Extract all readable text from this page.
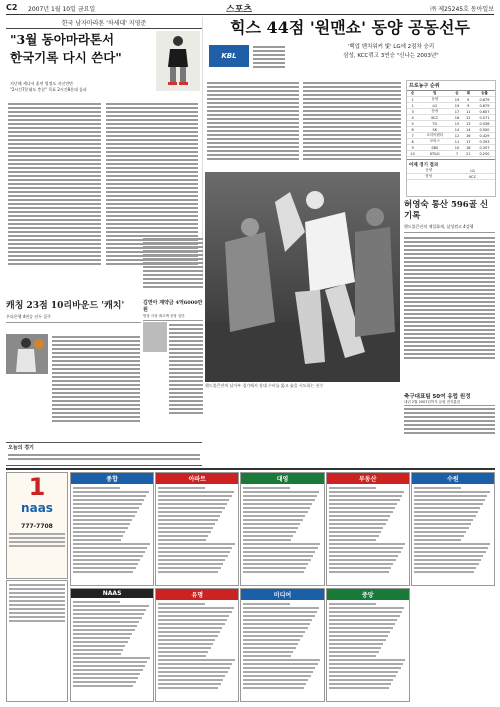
C2 2007년 1월 10일 금요일	스포츠	㈜ 제25245호 동아일보
한국 남자마라톤 '차세대' 지영준
"3월 동아마라톤서
한국기록 다시 쓴다"
지난해 케냐서 훈련 열정도 자신만만
"2시간7분대도 충분" 목표 2시간8분대 돌파
힉스 44점 '원맨쇼' 동양 공동선두
KBL
'백업 벤치워커 빛' LG에 2점차 승리
삼성, KCC꺾고 3연승 "신나는 2003년"
프로농구 순위
순	팀	승	패	승률
1	동양	19	9	0.679
1	LG	19	9	0.679
3	삼성	17	11	0.607
4	KCC	16	12	0.571
5	TG	15	13	0.536
6	SK	14	14	0.500
7	코리아텐더	12	16	0.429
8	모비스	11	17	0.393
9	SBS	10	18	0.357
10	KT&G	7	21	0.250
어제 경기 결과
동양	LG
삼성	KCC
핸드볼큰잔치 남자부 경기에서 상대 수비를 뚫고 슛을 시도하는 선수
허영숙 통산 596골 신기록
핸드볼큰잔치 제일화재, 삼성꺾고 4강행
캐칭 23점 10리바운드 '캐치'
우리은행 4연승 선두 질주
김연아 계약금 4억6000만원
빙상 사상 최고액 신당 입단
축구대표팀 50여 유럽 원정
내년 2월 2007년까지 유럽 전지훈련
오늘의 경기
1
naas
777-7708
종합	아파트	대영	부동산	수원
NAAS	유명	미디어	중앙
